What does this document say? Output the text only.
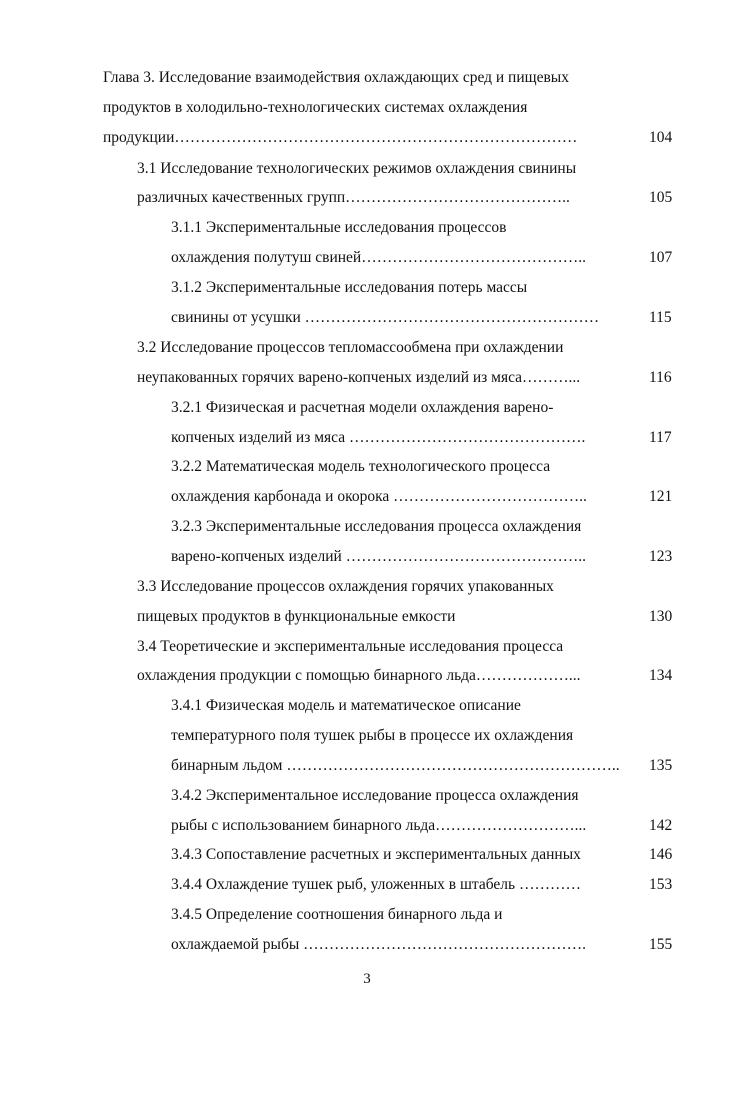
Глава 3. Исследование взаимодействия охлаждающих сред и пищевых
продуктов в холодильно-технологических системах охлаждения
продукции……………………………………………………………………	104
3.1 Исследование технологических режимов охлаждения свинины
различных качественных групп……………………………………..	105
3.1.1 Экспериментальные исследования процессов
охлаждения полутуш свиней……………………………………..	107
3.1.2 Экспериментальные исследования потерь массы
свинины от усушки …………………………………………………	115
3.2 Исследование процессов тепломассообмена при охлаждении
неупакованных горячих варено-копченых изделий из мяса………...	116
3.2.1 Физическая и расчетная модели охлаждения варено-
копченых изделий из мяса ……………………………………….	117
3.2.2 Математическая модель технологического процесса
охлаждения карбонада и окорока ………………………………..	121
3.2.3 Экспериментальные исследования процесса охлаждения
варено-копченых изделий ………………………………………..	123
3.3 Исследование процессов охлаждения горячих упакованных
пищевых продуктов в функциональные емкости	130
3.4 Теоретические и экспериментальные исследования процесса
охлаждения продукции с помощью бинарного льда………………...	134
3.4.1 Физическая модель и математическое описание
температурного поля тушек рыбы в процессе их охлаждения
бинарным льдом ………………………………………………………..	135
3.4.2 Экспериментальное исследование процесса охлаждения
рыбы с использованием бинарного льда………………………...	142
3.4.3 Сопоставление расчетных и экспериментальных данных	146
3.4.4 Охлаждение тушек рыб, уложенных в штабель …………	153
3.4.5 Определение соотношения бинарного льда и
охлаждаемой рыбы ……………………………………………….	155
3
